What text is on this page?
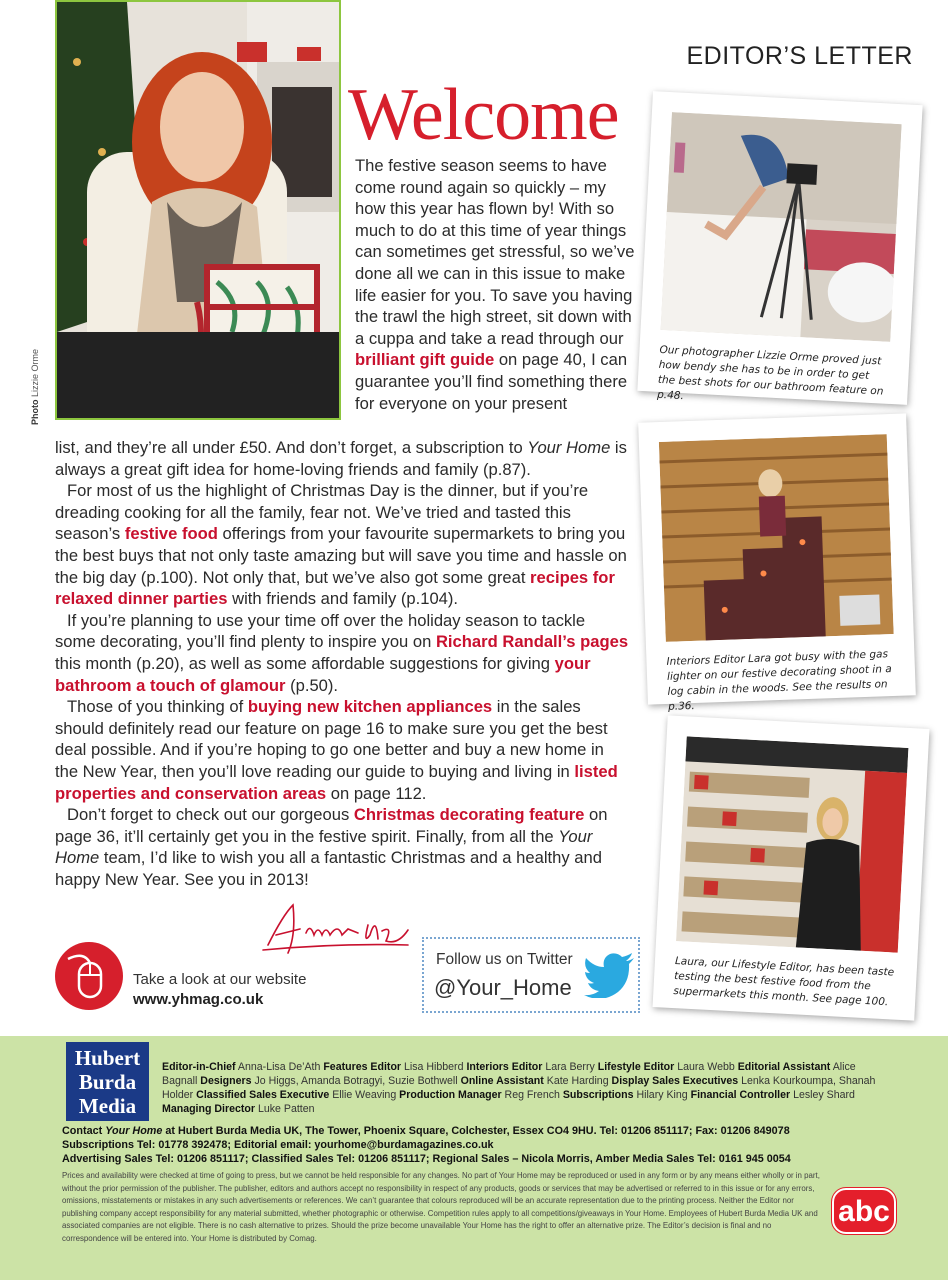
Photo Lizzie Orme
EDITOR’S LETTER
Welcome
The festive season seems to have come round again so quickly – my how this year has flown by! With so much to do at this time of year things can sometimes get stressful, so we’ve done all we can in this issue to make life easier for you. To save you having the trawl the high street, sit down with a cuppa and take a read through our brilliant gift guide on page 40, I can guarantee you’ll find something there for everyone on your present

list, and they’re all under £50. And don’t forget, a subscription to Your Home is always a great gift idea for home-loving friends and family (p.87).

For most of us the highlight of Christmas Day is the dinner, but if you’re dreading cooking for all the family, fear not. We’ve tried and tasted this season’s festive food offerings from your favourite supermarkets to bring you the best buys that not only taste amazing but will save you time and hassle on the big day (p.100). Not only that, but we’ve also got some great recipes for relaxed dinner parties with friends and family (p.104).

If you’re planning to use your time off over the holiday season to tackle some decorating, you’ll find plenty to inspire you on Richard Randall’s pages this month (p.20), as well as some affordable suggestions for giving your bathroom a touch of glamour (p.50).

Those of you thinking of buying new kitchen appliances in the sales should definitely read our feature on page 16 to make sure you get the best deal possible. And if you’re hoping to go one better and buy a new home in the New Year, then you’ll love reading our guide to buying and living in listed properties and conservation areas on page 112.

Don’t forget to check out our gorgeous Christmas decorating feature on page 36, it’ll certainly get you in the festive spirit. Finally, from all the Your Home team, I’d like to wish you all a fantastic Christmas and a healthy and happy New Year. See you in 2013!

Our photographer Lizzie Orme proved just how bendy she has to be in order to get the best shots for our bathroom feature on p.48.
Interiors Editor Lara got busy with the gas lighter on our festive decorating shoot in a log cabin in the woods. See the results on p.36.
Laura, our Lifestyle Editor, has been taste testing the best festive food from the supermarkets this month. See page 100.
Take a look at our website
www.yhmag.co.uk
Follow us on Twitter
@Your_Home
Hubert
Burda
Media
Editor-in-Chief Anna-Lisa De’Ath Features Editor Lisa Hibberd Interiors Editor Lara Berry Lifestyle Editor Laura Webb Editorial Assistant Alice Bagnall Designers Jo Higgs, Amanda Botragyi, Suzie Bothwell Online Assistant Kate Harding Display Sales Executives Lenka Kourkoumpa, Shanah Holder Classified Sales Executive Ellie Weaving Production Manager Reg French Subscriptions Hilary King Financial Controller Lesley Shard Managing Director Luke Patten
Contact Your Home at Hubert Burda Media UK, The Tower, Phoenix Square, Colchester, Essex CO4 9HU. Tel: 01206 851117; Fax: 01206 849078
Subscriptions Tel: 01778 392478; Editorial email: yourhome@burdamagazines.co.uk
Advertising Sales Tel: 01206 851117; Classified Sales Tel: 01206 851117; Regional Sales – Nicola Morris, Amber Media Sales Tel: 0161 945 0054
Prices and availability were checked at time of going to press, but we cannot be held responsible for any changes. No part of Your Home may be reproduced or used in any form or by any means either wholly or in part, without the prior permission of the publisher. The publisher, editors and authors accept no responsibility in respect of any products, goods or services that may be advertised or referred to in this issue or for any errors, omissions, misstatements or mistakes in any such advertisements or references. We can’t guarantee that colours reproduced will be an accurate representation due to the printing process. Neither the Editor nor publishing company accept responsibility for any material submitted, whether photographic or otherwise. Competition rules apply to all competitions/giveaways in Your Home. Employees of Hubert Burda Media UK and associated companies are not eligible. There is no cash alternative to prizes. Should the prize become unavailable Your Home has the right to offer an alternative prize. The Editor’s decision is final and no correspondence will be entered into. Your Home is distributed by Comag.
abc
